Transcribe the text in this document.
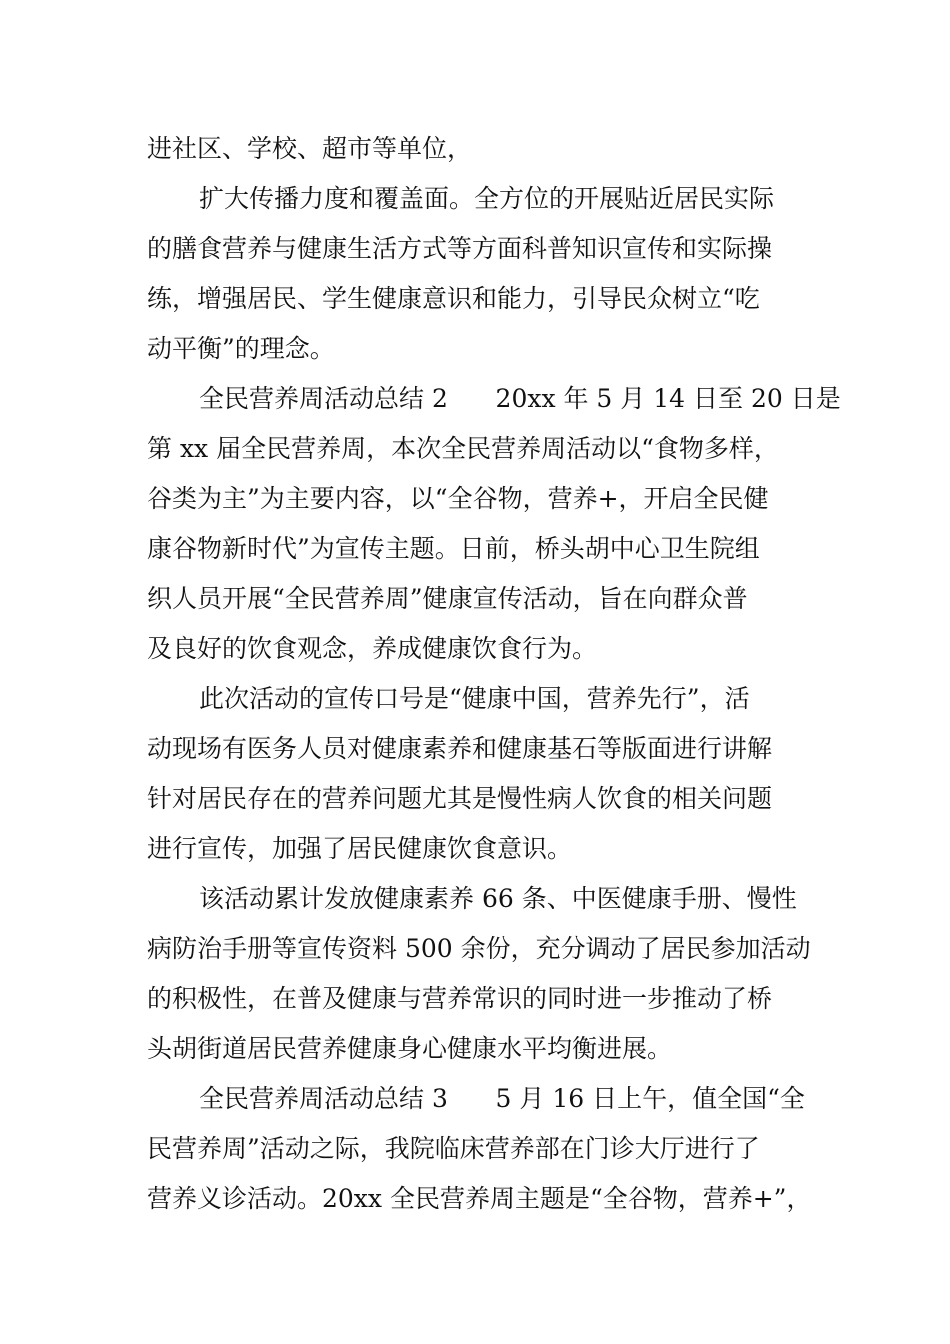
进社区、学校、超市等单位，
扩大传播力度和覆盖面。全方位的开展贴近居民实际
的膳食营养与健康生活方式等方面科普知识宣传和实际操
练，增强居民、学生健康意识和能力，引导民众树立“吃
动平衡”的理念。
全民营养周活动总结 2      20xx 年 5 月 14 日至 20 日是
第 xx 届全民营养周，本次全民营养周活动以“食物多样，
谷类为主”为主要内容，以“全谷物，营养+，开启全民健
康谷物新时代”为宣传主题。日前，桥头胡中心卫生院组
织人员开展“全民营养周”健康宣传活动，旨在向群众普
及良好的饮食观念，养成健康饮食行为。
此次活动的宣传口号是“健康中国，营养先行”，活
动现场有医务人员对健康素养和健康基石等版面进行讲解
针对居民存在的营养问题尤其是慢性病人饮食的相关问题
进行宣传，加强了居民健康饮食意识。
该活动累计发放健康素养 66 条、中医健康手册、慢性
病防治手册等宣传资料 500 余份，充分调动了居民参加活动
的积极性，在普及健康与营养常识的同时进一步推动了桥
头胡街道居民营养健康身心健康水平均衡进展。
全民营养周活动总结 3      5 月 16 日上午，值全国“全
民营养周”活动之际，我院临床营养部在门诊大厅进行了
营养义诊活动。20xx 全民营养周主题是“全谷物，营养+”，
